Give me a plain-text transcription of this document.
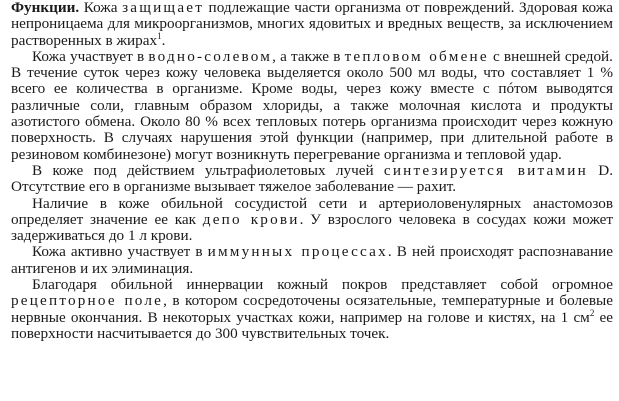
Функции. Кожа защищает подлежащие части организма от повреждений. Здоровая кожа непроницаема для микроорганизмов, многих ядовитых и вредных веществ, за исключением растворенных в жирах$^1$.

Кожа участвует в водно-солевом, а также в тепловом обмене с внешней средой. В течение суток через кожу человека выделяется около 500 мл воды, что составляет 1 % всего ее количества в организме. Кроме воды, через кожу вместе с пóтом выводятся различные соли, главным образом хлориды, а также молочная кислота и продукты азотистого обмена. Около 80 % всех тепловых потерь организма происходит через кожную поверхность. В случаях нарушения этой функции (например, при длительной работе в резиновом комбинезоне) могут возникнуть перегревание организма и тепловой удар.

В коже под действием ультрафиолетовых лучей синтезируется витамин D. Отсутствие его в организме вызывает тяжелое заболевание — рахит.

Наличие в коже обильной сосудистой сети и артериоловенулярных анастомозов определяет значение ее как депо крови. У взрослого человека в сосудах кожи может задерживаться до 1 л крови.

Кожа активно участвует в иммунных процессах. В ней происходят распознавание антигенов и их элиминация.

Благодаря обильной иннервации кожный покров представляет собой огромное рецепторное поле, в котором сосредоточены осязательные, температурные и болевые нервные окончания. В некоторых участках кожи, например на голове и кистях, на 1 $см^2$ ее поверхности насчитывается до 300 чувствительных точек.
